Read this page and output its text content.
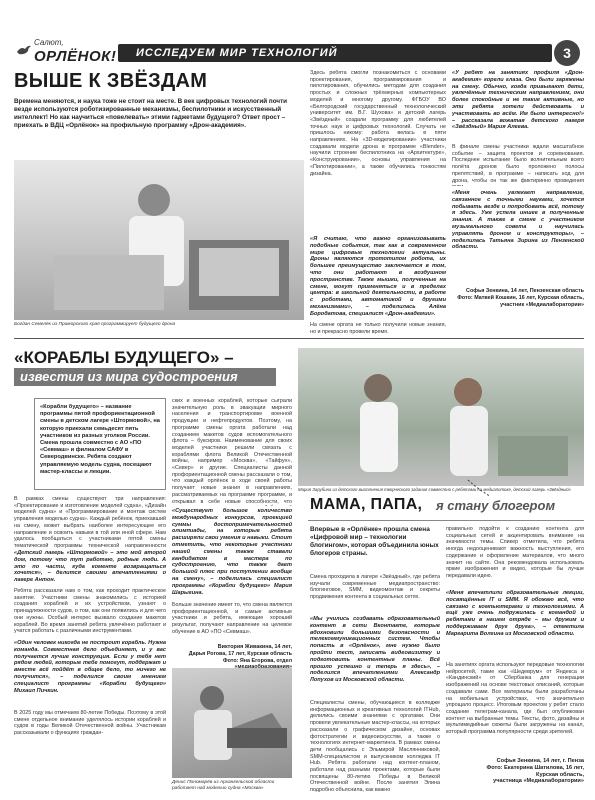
Салют,
ОРЛЁНОК!	ИССЛЕДУЕМ МИР ТЕХНОЛОГИЙ	3
ВЫШЕ К ЗВЁЗДАМ
Времена меняются, и наука тоже не стоит на месте. В век цифровых технологий почти везде используются роботизированные механизмы, беспилотники и искусственный интеллект! Но как научиться «повелевать» этими гаджетами будущего? Ответ прост – приехать в ВДЦ «Орлёнок» на профильную программу «Дрон-академия».
Богдан Семелёк из Приморского края программирует будущего дрона
Здесь ребята смогли познакомиться с основами проектирования, программирования и пилотирования, обучились методам для создания простых и сложных трёхмерных компьютерных моделей и многому другому. ФГБОУ ВО «Белгородский государственный технологический университет им. В.Г. Шухова» и детский лагерь «Звёздный» создали программу для любителей точных наук и цифровых технологий. Случать не пришлось никому: работа велась в пяти направлениях. На «3D-моделировании» участники создавали модели дрона в программе «Blender», научили строение беспилотника на «Архитектуре», «Конструировании», основы управления на «Пилотировании», а также обучились тонкостям дизайна.
«Я считаю, что важно организовывать подобные события, так как в современном мире цифровые технологии актуальны. Дроны являются прототипом робота, их большее преимущество заключается в том, что они работают в воздушном пространстве. Также мышки, полученные на смене, могут применяться и в пределах центра: в школьной деятельности, в работе с роботами, автоматикой и другими механизмами», – поделилась Алёна Бородатова, специалист «Дрон-академии».
На смене оргата не только получили новые знания, но и прекрасно провели время.
«У ребят на занятиях профиля «Дрон-академия» горели глаза. Они были заряжены на смену. Обычно, когда привыкают дети, увлечённые техническим направлением, они более спокойные и не такие активные, но эти ребята хотели действовать и участвовать во всём. Им было интересно!» – рассказала вожатая детского лагеря «Звёздный» Мария Алеева.
В финале смены участники ждали масштабное событие – защита проектов и соревнования. Последнее испытание было волнительным всего полёта дронов было проложено полосы препятствий, в программе – написать код для дрона, чтобы он так же фиктиринно проведения
«Меня очень увлекает направление, связанное с точными науками, хочется побывать везде и попробовать всё, потому я здесь. Уже успела иншее в полученные знания. А также в смене с участником музыкального совета и научилась управлять дроном и конструкторы», – поделилась Татьяна Зирина из Пензенской области.
Софья Зенкина, 14 лет, Пензенская область
Фото: Матвей Кошкин, 16 лет, Курская область,
участник «Медиалаборатории»
«КОРАБЛЫ БУДУЩЕГО» –
известия из мира судостроения
«Корабли будущего» – название программы пятой профориентационной смены в детском лагере «Штормовой», на которую приехали семьдесят пять участников из разных уголков России. Смена прошла совместно с АО «ПО «Севмаш» и филиалом САФУ в Северодвинске. Ребята создают управляемую модель судна, посещают мастер-классы и лекции.
В рамках смены существуют три направления: «Проектирование и изготовление моделей судна», «Дизайн моделей судна» и «Программирование и монтаж систем управления моделью судна». Каждый ребёнок, приехавший на смену, может выбрать наиболее интересующее его направление и освоить навыки в той или иной сфере. Нам удалось пообщаться с участниками пятой смены тематической программы технической направленности
«Детский лагерь «Штормовой» – это мой второй дом, потому что тут работаю, родные люди. А это по части, куда коменте возвращаться хочется», – делится своими впечатлениями о лагере Антон.
Ребята рассказали нам о том, как проходит практическое занятие. Участники смены знакомились с историей создания кораблей и их устройством, узнают о принадлежности судов, о том, как они появились и для чего они нужны. Особый интерес вызвало создание макетов кораблей. Во время занятий ребята увлечённо работают и учатся работать с различными инструментами.
«Один человек никогда не построит корабль. Нужна команда. Совместная дело объединяет, и у вас получается лучше конструкция. Если у тебя нет рядом людей, которые тебе помогут, поддержат и вместе всё пойдёт в общее дело, то ничего не получится», – поделился своим мнением специалист программы «Корабли будущего» Михаил Пичкин.
В 2025 году мы отмечаем 80-летие Победы. Поэтому в этой смене отдельное внимание уделялось истории кораблей и судов в годы Великой Отечественной войны. Участникам рассказывали о функциях граждан-
ских и военных кораблей, которые сыграли значительную роль в эвакуации мирного населения и транспортировке военной продукции и нефтепродуктов. Поэтому, на программе смены оргата работали над созданием макетов судов вспомогательного флота – буксиров. Наименование для своих моделей участники решили связать с кораблями флота Великой Отечественной войны, например «Москва», «Тайфун», «Север» и другие. Специалисты данной профориентационной смены рассказали о том, что каждый орлёнок в ходе своей работы получает новые знания в направлениях, рассматриваемых на программе программе, и открывал в себе новые способности, что
«Существует большое количество международных конкурсов, проекцией суммы достопримечательностей олимпиады, на которые ребята расширяли свои умения и навыки. Стоит отметить, что некоторые участники нашей смены также ставали кандидатом в мастера по судостроению, что также дает большой плюс при поступлении вообще на смену», – поделилась специалист программы «Корабли будущего» Мария Шарыгина.
Больше значение имеет то, что смена является профориентационной, и самые активные участники и ребята, имеющие хороший результат, получают направление на целевое обучение в АО «ПО «Севмаш».
Виктория Живакина, 14 лет,
Дарья Рогова, 17 лет, Курская область
Фото: Яна Егорова, отдел
Денис Пономарёв из Архангельской области работает над моделью судна «Москва»
Мария Зарубина из детского выполнения творческого задания совместно с ребятами на медиапотоке, детский лагерь «Звёздный»
МАМА, ПАПА,	я стану блогером
Впервые в «Орлёнке» прошла смена «Цифровой мир – технологии блогингом», которая объединила юных блогеров страны.
Смена проходила в лагере «Звёздный», где ребята изучали современные медиапространство: блогинговое, SMM, видеомонтаж и секреты продвижения контента в социальных сетях.
«Мы учились создавать образовательный контент в сети Вконтакте, которые вдохновили большими безопасности и телекоммуникационных систем. Чтобы попасть в «Орлёнок», мне нужно было пройти тест, записать видеовизитку и подготовить контентные планы. Всё прошло успешно и теперь я здесь», – поделился впечатлениями Александр Лопухов из Московской области.
Специалисты смены, обучающиеся в колледже информационных и креативных технологий ITHub, делились своими знаниями с оргатами. Они провели увлекательные мастер-классы, на которых рассказали о графическом дизайне, основах фотостратегии и видеоискусстве, а также о технологиях интернет-маркетинга. В рамках смены дети пообщались с Эльмирой Маслянниковой, SMM-специалистом и выпускником колледжа IT Hub. Ребята работали над контент-планом, работали над разными проектами, которые были посвящены 80-летию Победы в Великой Отечественной войне. После занятия Элина подробно объяснила, как важно
правильно подойти к созданию контента для социальных сетей и акцентировать внимание на значимости темы. Спикер отметила, что ребята иногда недооценивают важность выступления, его содержание и оформление материалов, что много значит на сайте. Она рекомендовала использовать яркие изображения и видео, которые бы лучше передавали идею.
«Меня впечатлили образовательные лекции, посвящённые IT и SMM. Я обожаю всё, что связано с компьютерами и технологиями. А ещё уже очень подружилась с командой и ребятами в нашем отряде – мы дружим и поддерживаем друг друга», – отметила Маргарита Волгина из Московской области.
На занятиях оргата используют передовые технологии нейросетей, такие как «Шедеврум» от Яндекса и «Кандинский» от Сбербанка для генерации изображений на основе текстовых описаний, которые создавали сами. Все материалы были разработаны на мобильных устройствах, что значительно упрощало процесс. Итоговым проектом у ребят стало создание телеграм-канала, где был опубликован контент на выбранные темы. Тексты, фото, дизайны и мультимедийные сюжеты были загружены на канал, который программа популярности среди зрителей.
Софья Зенкина, 14 лет, г. Пенза
Фото: Екатерина Шатилова, 16 лет,
Курская область,
участница «Медиалаборатории»
